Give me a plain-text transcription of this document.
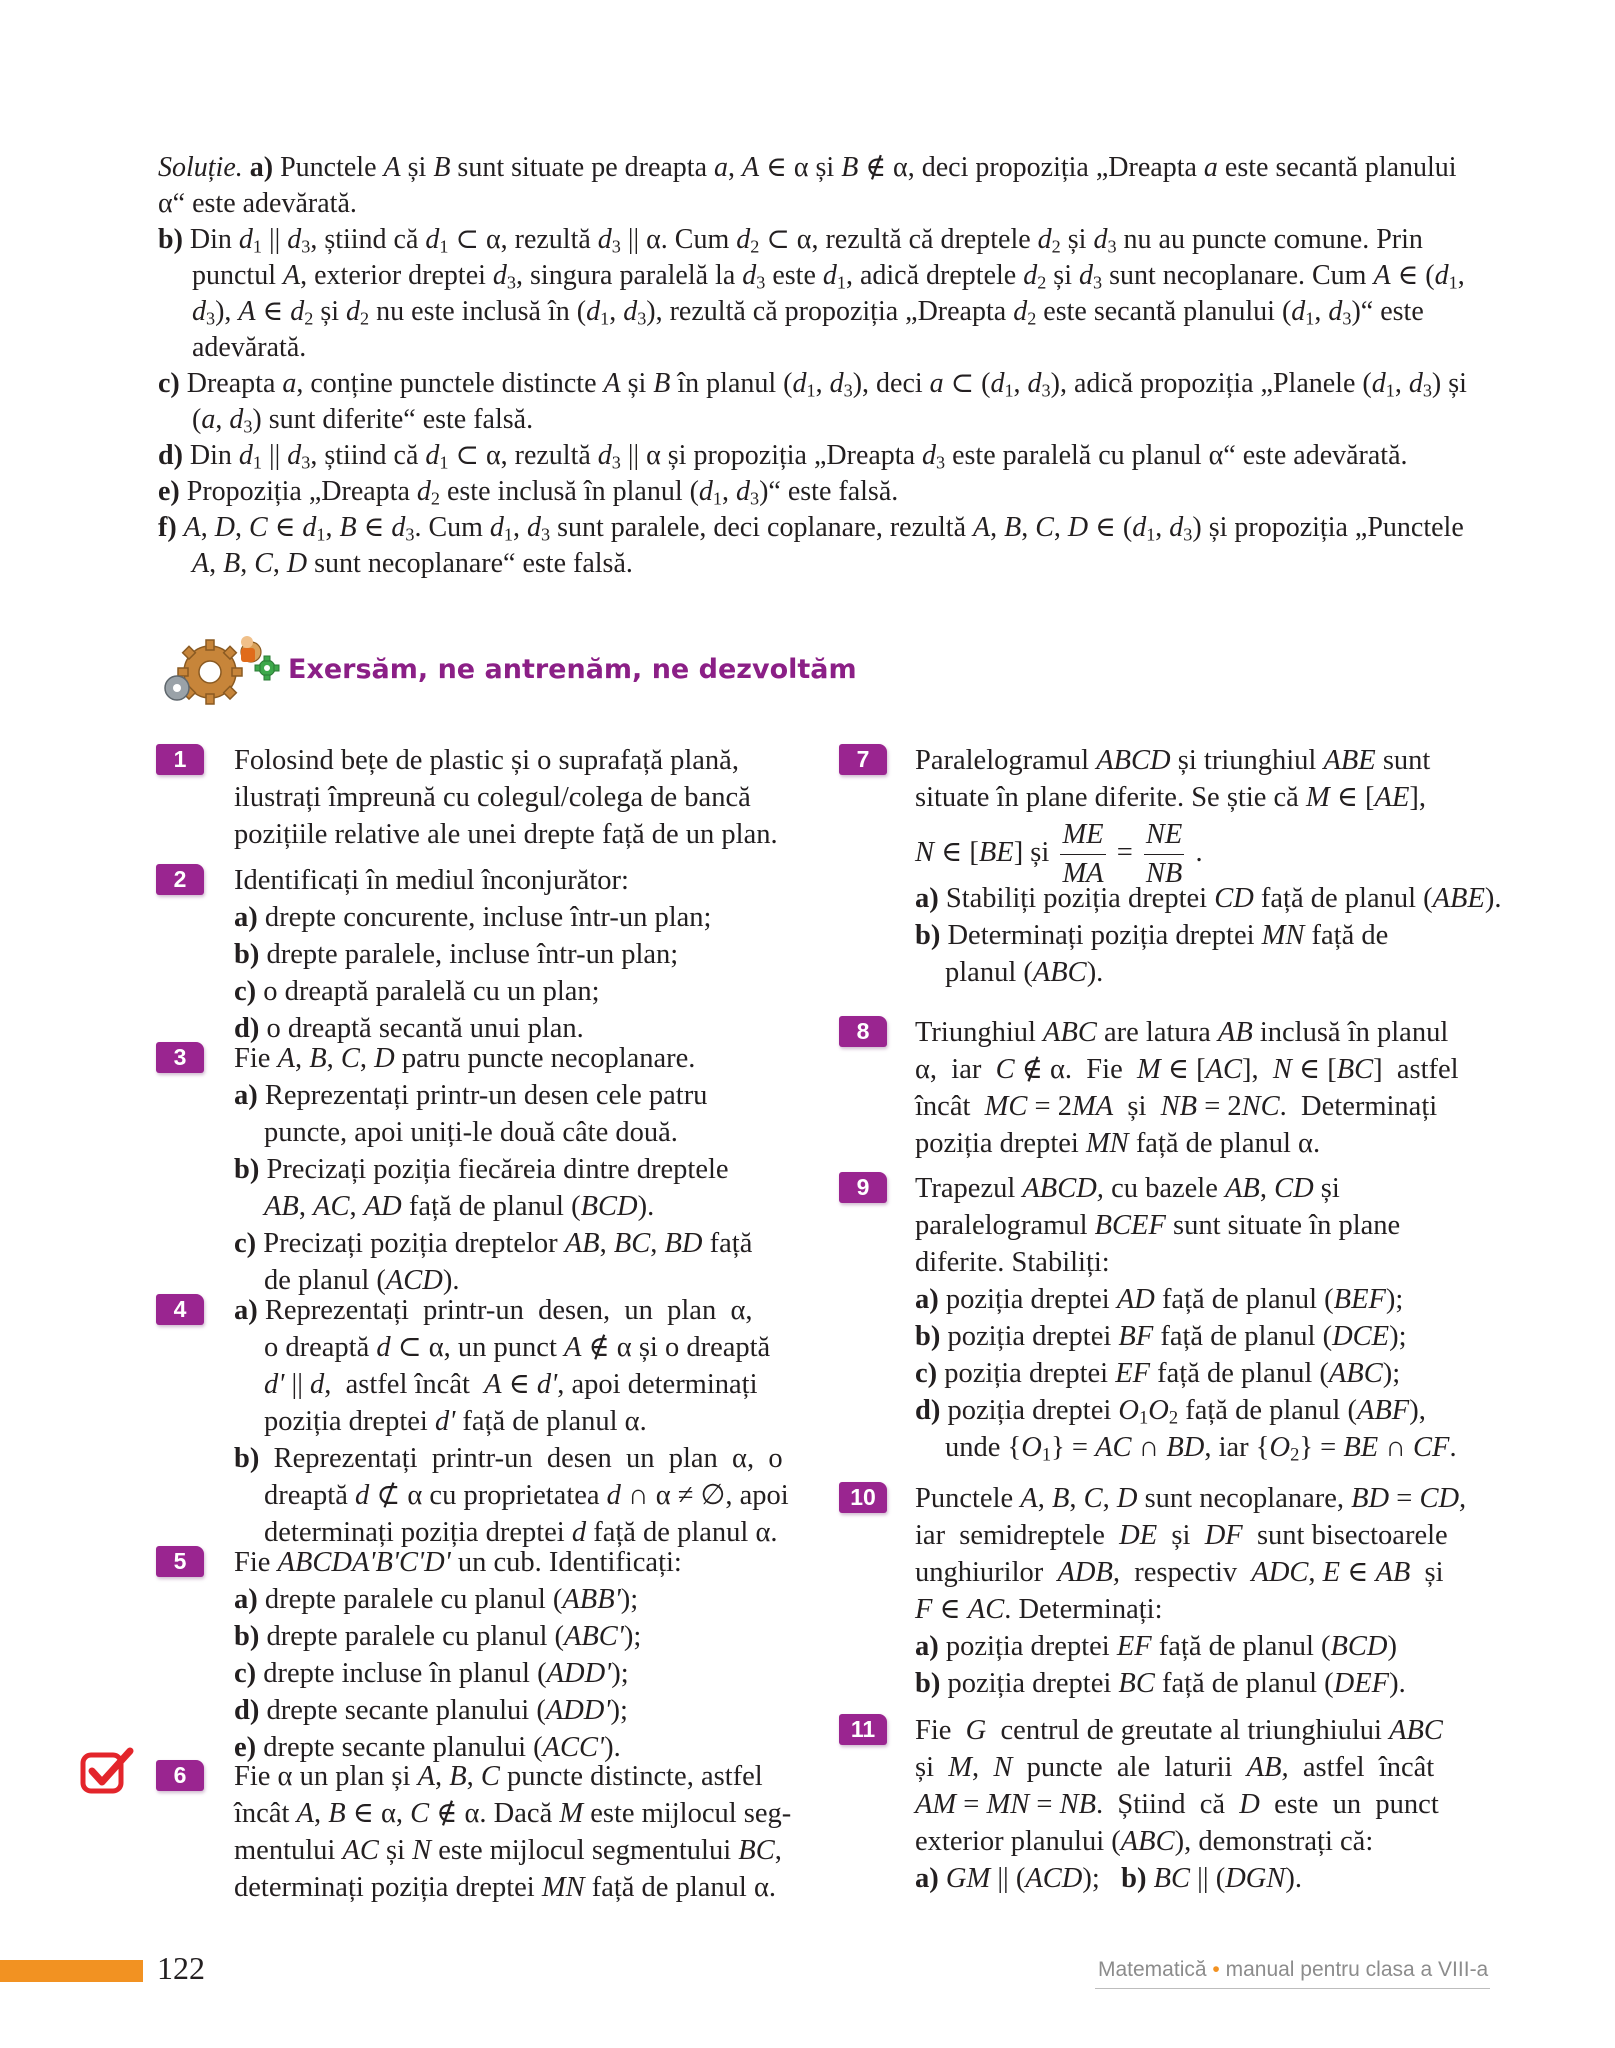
Soluție. a) Punctele A și B sunt situate pe dreapta a, A ∈ α și B ∉ α, deci propoziția „Dreapta a este secantă planului α“ este adevărată.

b) Din $d_1$ || $d_3$, știind că $d_1$ ⊂ α, rezultă $d_3$ || α. Cum $d_2$ ⊂ α, rezultă că dreptele $d_2$ și $d_3$ nu au puncte comune. Prin punctul A, exterior dreptei $d_3$, singura paralelă la $d_3$ este $d_1$, adică dreptele $d_2$ și $d_3$ sunt necoplanare. Cum A ∈ ($d_1$, $d_3$), A ∈ $d_2$ și $d_2$ nu este inclusă în ($d_1$, $d_3$), rezultă că propoziția „Dreapta $d_2$ este secantă planului ($d_1$, $d_3)“$ este adevărată.

c) Dreapta a, conține punctele distincte A și B în planul ($d_1$, $d_3$), deci a ⊂ ($d_1$, $d_3$), adică propoziția „Planele ($d_1$, $d_3$) și (a, $d_3$) sunt diferite“ este falsă.

d) Din $d_1$ || $d_3$, știind că $d_1$ ⊂ α, rezultă $d_3$ || α și propoziția „Dreapta $d_3$ este paralelă cu planul α“ este adevărată.

e) Propoziția „Dreapta $d_2$ este inclusă în planul ($d_1$, $d_3)“$ este falsă.

f) A, D, C ∈ $d_1$, B ∈ $d_3$. Cum $d_1$, $d_3$ sunt paralele, deci coplanare, rezultă A, B, C, D ∈ ($d_1$, $d_3$) și propoziția „Punctele A, B, C, D sunt necoplanare“ este falsă.

Exersăm, ne antrenăm, ne dezvoltăm
1	Folosind bețe de plastic și o suprafață plană,

ilustrați împreună cu colegul/colega de bancă

pozițiile relative ale unei drepte față de un plan.

2	Identificați în mediul înconjurător:

a) drepte concurente, incluse într-un plan;

b) drepte paralele, incluse într-un plan;

c) o dreaptă paralelă cu un plan;

d) o dreaptă secantă unui plan.

3	Fie A, B, C, D patru puncte necoplanare.

a) Reprezentați printr-un desen cele patru

puncte, apoi uniți-le două câte două.

b) Precizați poziția fiecăreia dintre dreptele

AB, AC, AD față de planul (BCD).

c) Precizați poziția dreptelor AB, BC, BD față

de planul (ACD).

4	a) Reprezentați  printr-un  desen,  un  plan  α,

o dreaptă d ⊂ α, un punct A ∉ α și o dreaptă

d' || d,  astfel încât  A ∈ d', apoi determinați

poziția dreptei d' față de planul α.

b)  Reprezentați  printr-un  desen  un  plan  α,  o

dreaptă d ⊄ α cu proprietatea d ∩ α ≠ ∅, apoi

determinați poziția dreptei d față de planul α.

5	Fie ABCDA'B'C'D' un cub. Identificați:

a) drepte paralele cu planul (ABB');

b) drepte paralele cu planul (ABC');

c) drepte incluse în planul (ADD');

d) drepte secante planului (ADD');

e) drepte secante planului (ACC').

6	Fie α un plan și A, B, C puncte distincte, astfel

încât A, B ∈ α, C ∉ α. Dacă M este mijlocul seg-

mentului AC și N este mijlocul segmentului BC,

determinați poziția dreptei MN față de planul α.

7	Paralelogramul ABCD și triunghiul ABE sunt

situate în plane diferite. Se știe că M ∈ [AE],

N ∈ [BE] și $\frac{ME}{MA} = \frac{NE}{NB}$ .

a) Stabiliți poziția dreptei CD față de planul (ABE).

b) Determinați poziția dreptei MN față de

planul (ABC).

8	Triunghiul ABC are latura AB inclusă în planul

α,  iar  C ∉ α.  Fie  M ∈ [AC],  N ∈ [BC]  astfel

încât  MC = 2MA  și  NB = 2NC.  Determinați

poziția dreptei MN față de planul α.

9	Trapezul ABCD, cu bazele AB, CD și

paralelogramul BCEF sunt situate în plane

diferite. Stabiliți:

a) poziția dreptei AD față de planul (BEF);

b) poziția dreptei BF față de planul (DCE);

c) poziția dreptei EF față de planul (ABC);

d) poziția dreptei $O_1O_2$ față de planul (ABF),

unde $\{O_1\}$ = AC ∩ BD, iar $\{O_2\}$ = BE ∩ CF.

10	Punctele A, B, C, D sunt necoplanare, BD = CD,

iar  semidreptele  DE  și  DF  sunt bisectoarele

unghiurilor  ADB,  respectiv  ADC, E ∈ AB  și

F ∈ AC. Determinați:

a) poziția dreptei EF față de planul (BCD)

b) poziția dreptei BC față de planul (DEF).

11	Fie  G  centrul de greutate al triunghiului ABC

și  M,  N  puncte  ale  laturii  AB,  astfel  încât

AM = MN = NB.  Știind  că  D  este  un  punct

exterior planului (ABC), demonstrați că:

a) GM || (ACD);   b) BC || (DGN).

122	Matematică • manual pentru clasa a VIII-a
